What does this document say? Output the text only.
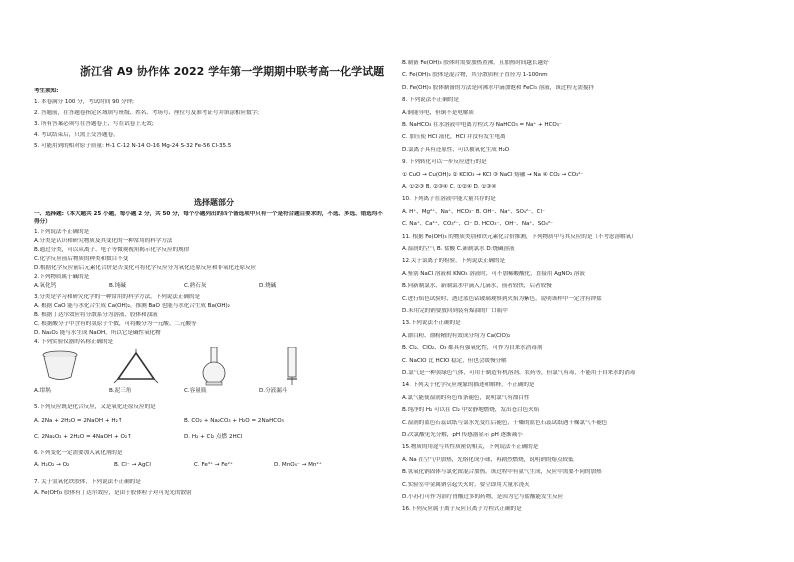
浙江省 A9 协作体 2022 学年第一学期期中联考高一化学试题
考生须知:
1. 本卷满分 100 分，考试时间 90 分钟;
2. 答题前，在答题卷指定区域填写班级、姓名、考场号、座位号及准考证号并填涂相应数字;
3. 所有答案必须写在答题卷上，写在试卷上无效;
4. 考试结束后，只需上交答题卷。
5. 可能用到的相对原子质量: H-1 C-12 N-14 O-16 Mg-24 S-32 Fe-56 Cl-35.5
选择题部分
一、选择题:（本大题共 25 小题，每小题 2 分，共 50 分，每个小题列出的四个备选项中只有一个是符合题目要求的，不选、多选、错选均不得分）
1.下列说法不正确的是
A.分类是认识和研究物质及其变化的一种常用的科学方法
B.通过分类，可以从离子、电子等微观视角揭示化学反应的规律
C.化学反应前后物质的种类和数目不变
D.根据化学反应前后元素化合价是否变化可将化学反应分为氧化还原反应和非氧化还原反应
2.下列物质属于碱的是
A.氧化钙	B.纯碱	C.熟石灰	D.烧碱
3.分类是学习和研究化学的一种常用的科学方法，下列说法正确的是
A. 根据 CaO 能与水化合生成 Ca(OH)₂，推测 BaO 也能与水化合生成 Ba(OH)₂
B. 根据丁达尔效应将分散系分为溶液、胶体和浊液
C. 根据酸分子中含有的氢原子个数，可将酸分为一元酸、二元酸等
D. Na₂O₂ 能与水生成 NaOH，所以它是碱性氧化物
4. 下列实验仪器的名称正确的是
A.坩埚	B.泥三角	C.容量瓶	D.分液漏斗
5.下列反应既是化合反应，又是氧化还原反应的是
A. 2Na + 2H₂O = 2NaOH + H₂↑	B. CO₂ + Na₂CO₃ + H₂O = 2NaHCO₃
C. 2Na₂O₂ + 2H₂O = 4NaOH + O₂↑	D. H₂ + Cl₂ 点燃 2HCl
6.下列变化一定需要加入氧化剂的是
A. H₂O₂ → O₂	B. Cl⁻ → AgCl	C. Fe³⁺ → Fe²⁺	D. MnO₄⁻ → Mn²⁺
7. 关于氢氧化铁胶体，下列说法不正确的是
A. Fe(OH)₃ 胶体有丁达尔效应，是由于胶体粒子对可见光的散射
B.制备 Fe(OH)₃ 胶体时需要加热煮沸，且加热时间越长越好
C. Fe(OH)₃ 胶体是混合物，其分散质粒子直径为 1-100nm
D. Fe(OH)₃ 胶体制备的方法是向沸水中滴加饱和 FeCl₃ 溶液，该过程无需搅拌
8. 下列说法不正确的是
A.铜能导电，但铜不是电解质
B. NaHCO₃ 在水溶液中电离方程式为 NaHCO₃ = Na⁺ + HCO₃⁻
C. 加压使 HCl 液化，HCl 并没有发生电离
D.氯离子具有还原性，可以被氧化生成 H₂O
9. 下列转化可以一步反应进行的是
① CuO → Cu(OH)₂ ② KClO₃ → KCl ③ NaCl 熔融 → Na ④ CO₂ → CO₃²⁻
A. ①②③ B. ②③④ C. ①②④ D. ①③④
10. 下列离子在溶液中能大量共存的是
A. H⁺、Mg²⁺、Na⁺、HCO₃⁻ B. OH⁻、Na⁺、SO₄²⁻、Cl⁻
C. Na⁺、Ca²⁺、CO₃²⁻、Cl⁻ D. HCO₃⁻、OH⁻、Na⁺、SO₄²⁻
11. 根据 Fe(OH)₃ 的物质类别和铁元素化合价推测，下列物质中与其反应的是（不考虑溶解氧）
A.湿润的空气 B. 盐酸 C.新制氯水 D.烧碱溶液
12.关于氯离子的检验，下列说法正确的是
A.鉴别 NaCl 溶液和 KNO₃ 溶液时，可不加稀酸酸化，直接用 AgNO₃ 溶液
B.向新制氯水、新制氯水中滴入几滴水，前者较快，后者较慢
C.进行焰色试验时，透过蓝色钴玻璃观察到火焰为紫色，说明该样中一定含有钾盐
D.未用完的钠要放回到装有煤油的广口瓶中
13.下列说法不正确的是
A.漂白粉、漂粉精的有效成分均为 Ca(ClO)₂
B. Cl₂、ClO₂、O₃ 都具有强氧化性，可作为自来水消毒剂
C. NaClO 比 HClO 稳定，但也会缓慢分解
D.氯气是一种黄绿色气体，可用于制造有机溶剂、农药等，但氯气有毒，不能用于自来水的消毒
14. 下列关于化学反应现象的描述和解释，不正确的是
A.氯气能使湿润的有色布条褪色，说明氯气有漂白性
B.纯净的 H₂ 可以在 Cl₂ 中安静地燃烧，发出苍白色火焰
C.湿润的蓝色石蕊试纸与氯水先变红后褪色，干燥的蓝色石蕊试纸遇干燥氯气不褪色
D.次氯酸见光分解，pH 传感器显示 pH 逐渐减小
15.物质的用途与其性质密切相关，下列说法不正确的是
A. Na 在空气中加热，先熔化成小球，再剧烈燃烧，说明钠的熔点较低
B.氢氧化钠固体与氯化铵混合加热，该过程中有氨气生成，反应中需要不同的加热
C.实验室中金属钠引起失火时，要立即用大量水浇灭
D.小苏打可作为治疗胃酸过多的药物，是因为它与盐酸能发生反应
16.下列反应属于离子反应且离子方程式正确的是
